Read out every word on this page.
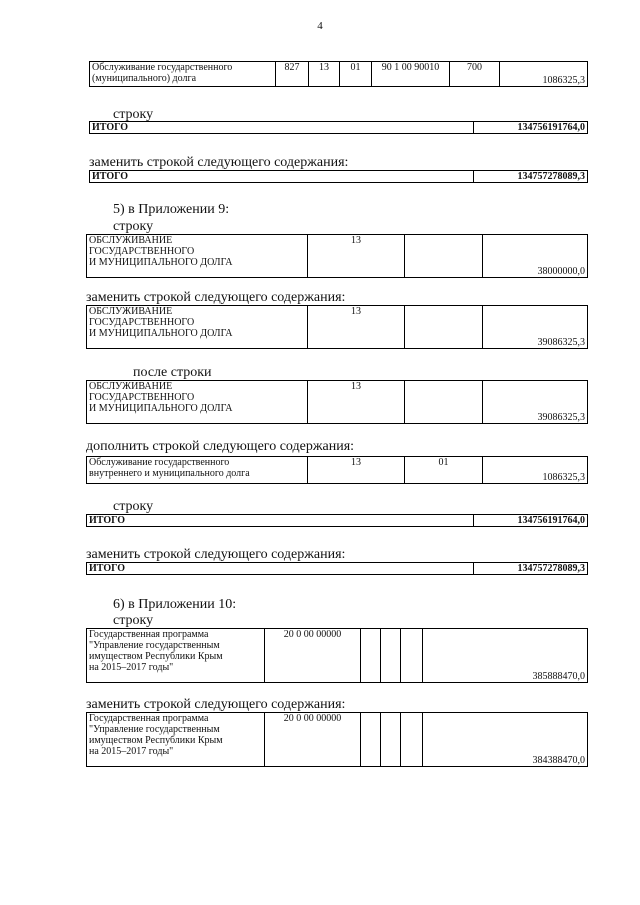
4
Обслуживание государственного
(муниципального) долга
	827	13	01	90 1 00 90010	700	1086325,3
строку
ИТОГО	134756191764,0
заменить строкой следующего содержания:
ИТОГО	134757278089,3
5) в Приложении 9:
строку
ОБСЛУЖИВАНИЕ
ГОСУДАРСТВЕННОГО
И МУНИЦИПАЛЬНОГО ДОЛГА
	13		38000000,0
заменить строкой следующего содержания:
ОБСЛУЖИВАНИЕ
ГОСУДАРСТВЕННОГО
И МУНИЦИПАЛЬНОГО ДОЛГА
	13		39086325,3
после строки
ОБСЛУЖИВАНИЕ
ГОСУДАРСТВЕННОГО
И МУНИЦИПАЛЬНОГО ДОЛГА
	13		39086325,3
дополнить строкой следующего содержания:
Обслуживание государственного
внутреннего и муниципального долга
	13	01	1086325,3
строку
ИТОГО	134756191764,0
заменить строкой следующего содержания:
ИТОГО	134757278089,3
6) в Приложении 10:
строку
Государственная программа
"Управление государственным
имуществом Республики Крым
на 2015–2017 годы"
	20 0 00 00000				385888470,0
заменить строкой следующего содержания:
Государственная программа
"Управление государственным
имуществом Республики Крым
на 2015–2017 годы"
	20 0 00 00000				384388470,0
